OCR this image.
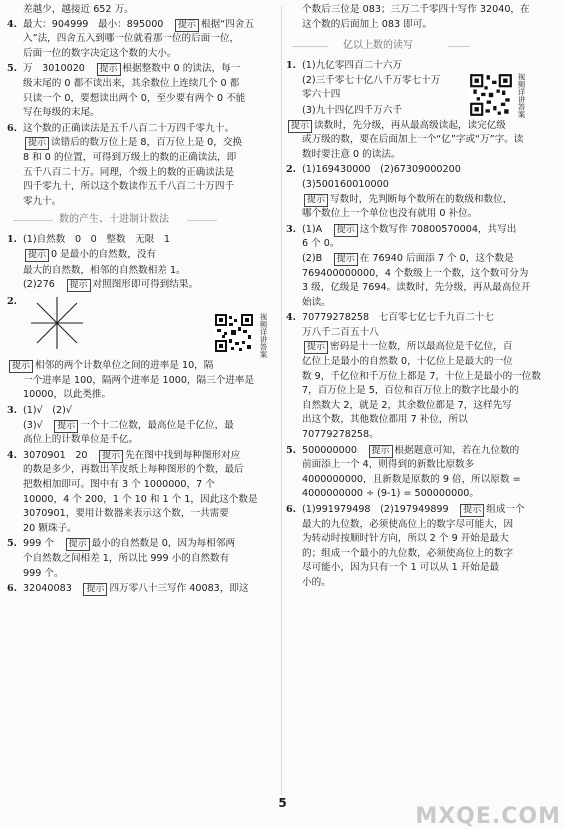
差越少，越接近 652 万。

4. 最大：904999　最小：895000　提示 根据“四舍五

入”法，四舍五入到哪一位就看那一位的后面一位，

后面一位的数字决定这个数的大小。

5. 万　3010020　提示 根据整数中 0 的读法，每一

级末尾的 0 都不读出来，其余数位上连续几个 0 都

只读一个 0，要想读出两个 0，至少要有两个 0 不能

写在每级的末尾。

6. 这个数的正确读法是五千八百二十万四千零九十。

提示 读错后的数万位上是 8，百万位上是 0，交换

8 和 0 的位置，可得到万级上的数的正确读法，即

五千八百二十万。同理，个级上的数的正确读法是

四千零九十，所以这个数读作五千八百二十万四千

零九十。

数的产生、十进制计数法
视频详讲答案
1. (1)自然数　0　0　整数　无限　1

提示 0 是最小的自然数，没有

最大的自然数，相邻的自然数相差 1。

(2)276　提示 对照图形即可得到结果。

2.

提示 相邻的两个计数单位之间的进率是 10，隔

一个进率是 100，隔两个进率是 1000，隔三个进率是

10000，以此类推。

3. (1)√　(2)√

(3)√　提示 一个十二位数，最高位是千亿位，最

高位上的计数单位是千亿。

4. 3070901　20　提示 先在图中找到每种图形对应

的数是多少，再数出羊皮纸上每种图形的个数，最后

把数相加即可。图中有 3 个 1000000，7 个

10000，4 个 200，1 个 10 和 1 个 1，因此这个数是

3070901，要用计数器来表示这个数，一共需要

20 颗珠子。

5. 999 个　提示 最小的自然数是 0，因为每相邻两

个自然数之间相差 1，所以比 999 小的自然数有

999 个。

6. 32040083　提示 四万零八十三写作 40083，即这

个数后三位是 083；三万二千零四十写作 32040，在

这个数的后面加上 083 即可。

亿以上数的读写
视频详讲答案
1. (1)九亿零四百二十六万

(2)三千零七十亿八千万零七十万

零六十四

(3)九十四亿四千万六千

提示 读数时，先分级，再从最高级读起，读完亿级

或万级的数，要在后面加上一个“亿”字或“万”字。读

数时要注意 0 的读法。

2. (1)169430000　(2)67309000200

(3)500160010000

提示 写数时，先判断每个数所在的数级和数位，

哪个数位上一个单位也没有就用 0 补位。

3. (1)A　提示 这个数写作 70800570004，共写出

6 个 0。

(2)B　提示 在 76940 后面添 7 个 0，这个数是

769400000000，4 个数级上一个数，这个数可分为

3 级，亿级是 7694。读数时，先分级，再从最高位开

始读。

4. 70779278258　七百零七亿七千九百二十七

万八千二百五十八

提示 密码是十一位数，所以最高位是千亿位，百

亿位上是最小的自然数 0，十亿位上是最大的一位

数 9，千亿位和千万位上都是 7，十位上是最小的一位数

7，百万位上是 5，百位和百万位上的数字比最小的

自然数大 2，就是 2，其余数位都是 7，这样先写

出这个数，其他数位都用 7 补位，所以

70779278258。

5. 500000000　提示 根据题意可知，若在九位数的

前面添上一个 4，则得到的新数比原数多

4000000000，且新数是原数的 9 倍，所以原数 =

4000000000 ÷ (9-1) = 500000000。

6. (1)991979498　(2)197949899　提示 组成一个

最大的九位数，必须使高位上的数字尽可能大，因

为转动时按顺时针方向，所以 2 个 9 开始是最大

的；组成一个最小的九位数，必须使高位上的数字

尽可能小，因为只有一个 1 可以从 1 开始是最

小的。

5
MXQE.COM
